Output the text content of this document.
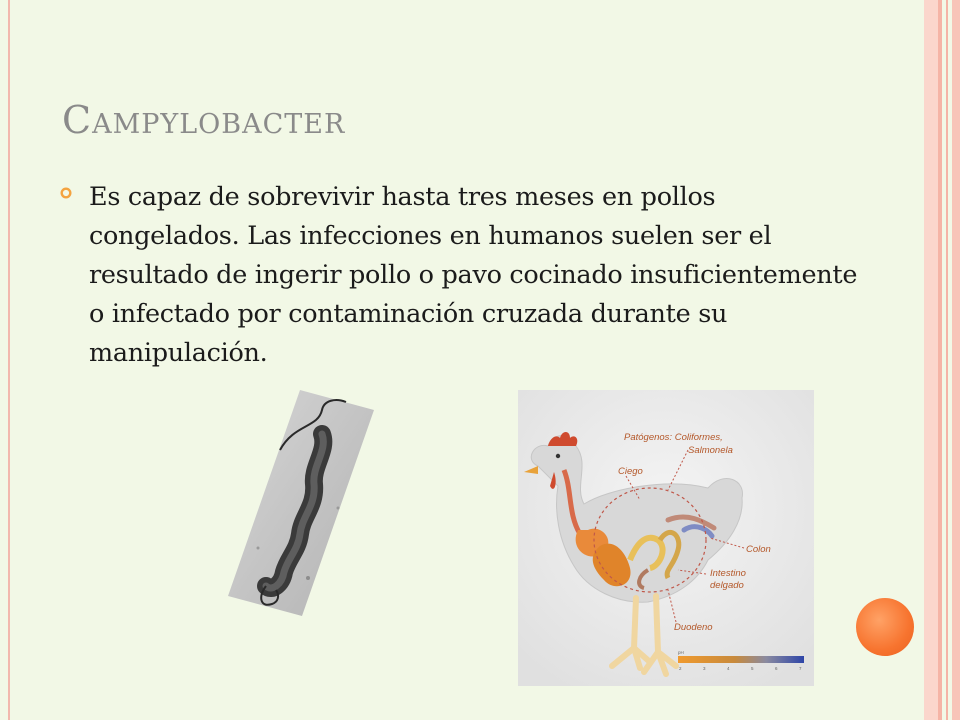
Campylobacter

Es capaz de sobrevivir hasta tres meses en pollos congelados. Las infecciones en humanos suelen ser el resultado de ingerir pollo o pavo cocinado insuficientemente o infectado por contaminación cruzada durante su manipulación.

Patógenos: Coliformes,
Salmonela
Ciego
Colon
Intestino
delgado
Duodeno
pH
2	3	4	5	6	7
